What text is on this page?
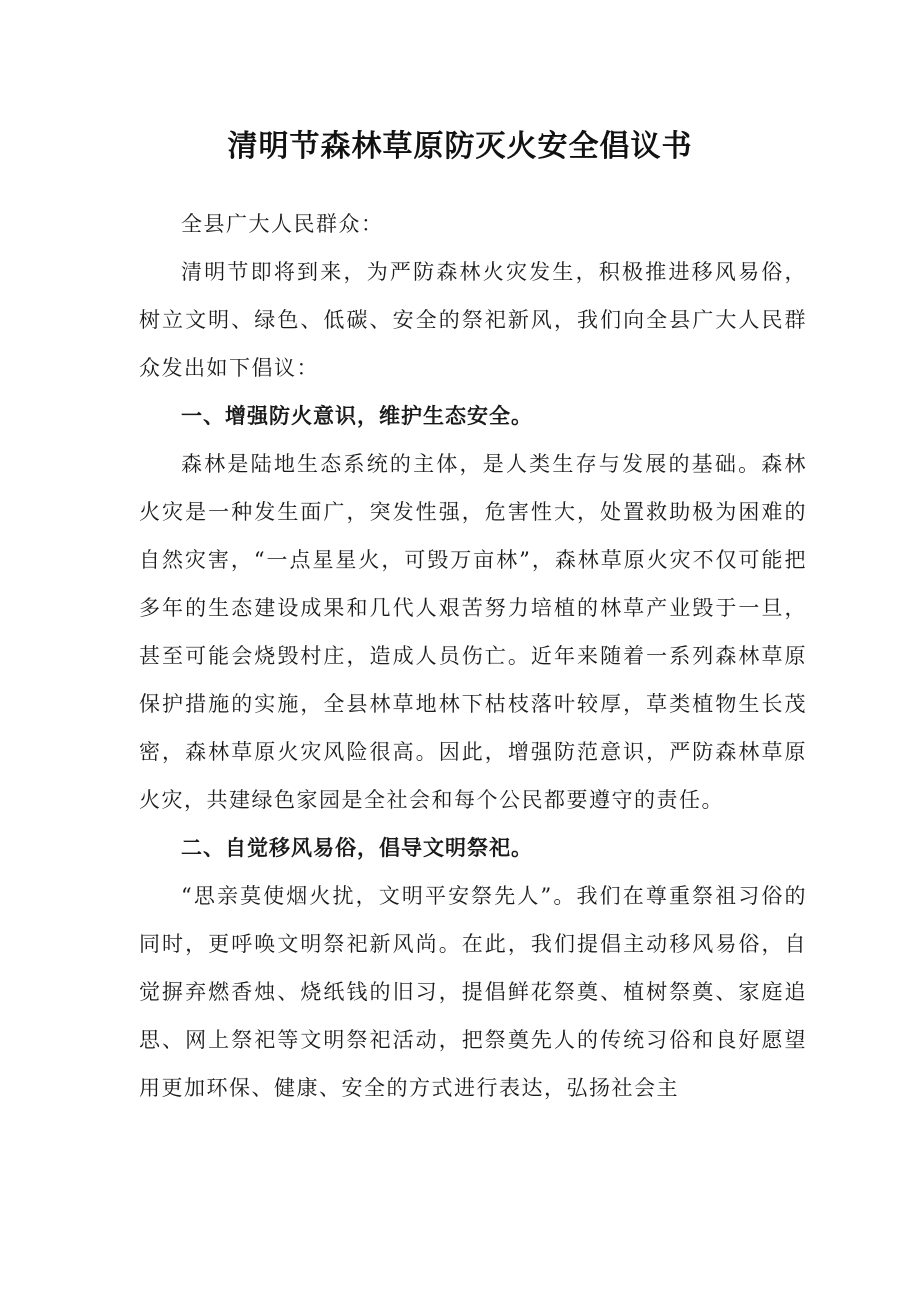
清明节森林草原防灭火安全倡议书

全县广大人民群众：

清明节即将到来，为严防森林火灾发生，积极推进移风易俗，树立文明、绿色、低碳、安全的祭祀新风，我们向全县广大人民群众发出如下倡议：

一、增强防火意识，维护生态安全。

森林是陆地生态系统的主体，是人类生存与发展的基础。森林火灾是一种发生面广，突发性强，危害性大，处置救助极为困难的自然灾害，“一点星星火，可毁万亩林”，森林草原火灾不仅可能把多年的生态建设成果和几代人艰苦努力培植的林草产业毁于一旦，甚至可能会烧毁村庄，造成人员伤亡。近年来随着一系列森林草原保护措施的实施，全县林草地林下枯枝落叶较厚，草类植物生长茂密，森林草原火灾风险很高。因此，增强防范意识，严防森林草原火灾，共建绿色家园是全社会和每个公民都要遵守的责任。

二、自觉移风易俗，倡导文明祭祀。

“思亲莫使烟火扰，文明平安祭先人”。我们在尊重祭祖习俗的同时，更呼唤文明祭祀新风尚。在此，我们提倡主动移风易俗，自觉摒弃燃香烛、烧纸钱的旧习，提倡鲜花祭奠、植树祭奠、家庭追思、网上祭祀等文明祭祀活动，把祭奠先人的传统习俗和良好愿望用更加环保、健康、安全的方式进行表达，弘扬社会主
